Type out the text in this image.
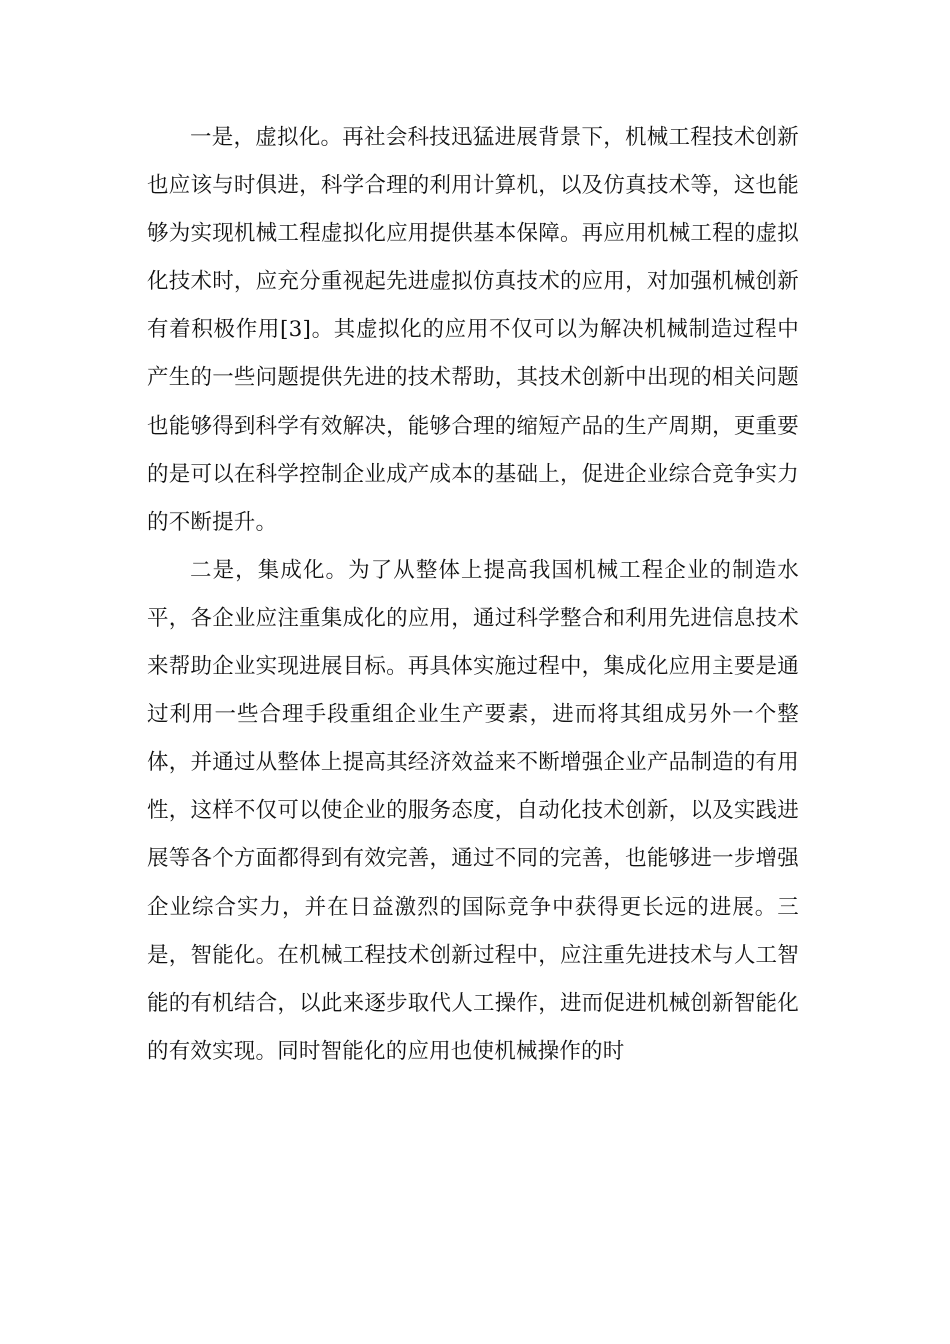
一是，虚拟化。再社会科技迅猛进展背景下，机械工程技术创新也应该与时俱进，科学合理的利用计算机，以及仿真技术等，这也能够为实现机械工程虚拟化应用提供基本保障。再应用机械工程的虚拟化技术时，应充分重视起先进虚拟仿真技术的应用，对加强机械创新有着积极作用[3]。其虚拟化的应用不仅可以为解决机械制造过程中产生的一些问题提供先进的技术帮助，其技术创新中出现的相关问题也能够得到科学有效解决，能够合理的缩短产品的生产周期，更重要的是可以在科学控制企业成产成本的基础上，促进企业综合竞争实力的不断提升。

二是，集成化。为了从整体上提高我国机械工程企业的制造水平，各企业应注重集成化的应用，通过科学整合和利用先进信息技术来帮助企业实现进展目标。再具体实施过程中，集成化应用主要是通过利用一些合理手段重组企业生产要素，进而将其组成另外一个整体，并通过从整体上提高其经济效益来不断增强企业产品制造的有用性，这样不仅可以使企业的服务态度，自动化技术创新，以及实践进展等各个方面都得到有效完善，通过不同的完善，也能够进一步增强企业综合实力，并在日益激烈的国际竞争中获得更长远的进展。三是，智能化。在机械工程技术创新过程中，应注重先进技术与人工智能的有机结合，以此来逐步取代人工操作，进而促进机械创新智能化的有效实现。同时智能化的应用也使机械操作的时
